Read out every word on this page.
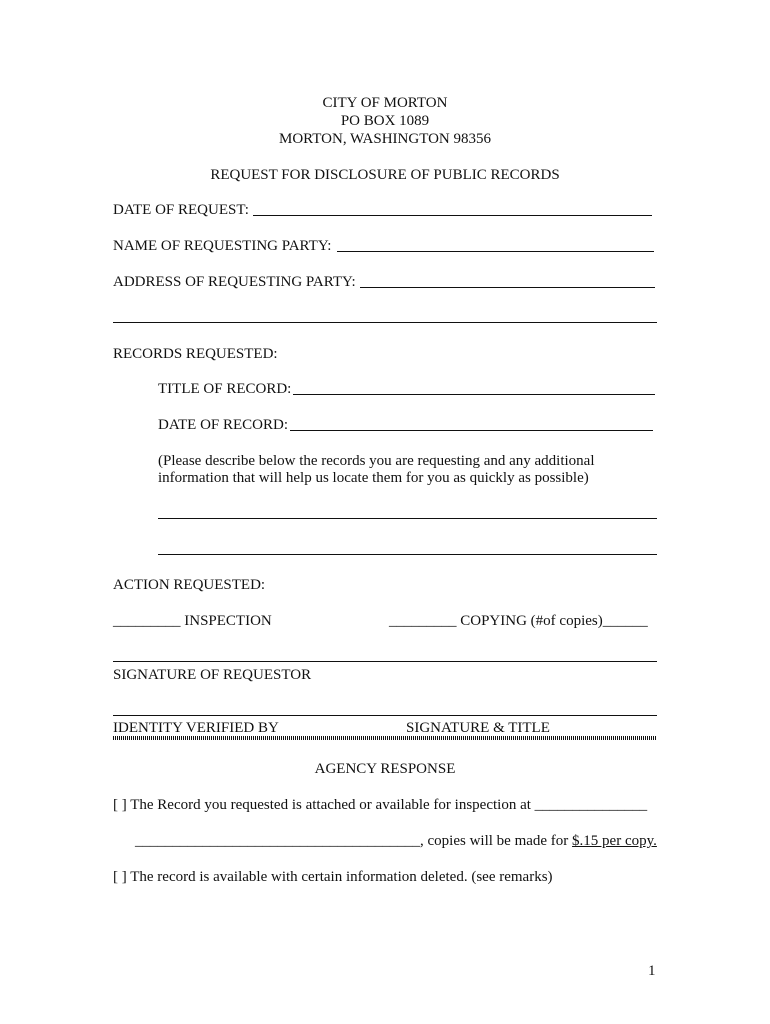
CITY OF MORTON
PO BOX 1089
MORTON, WASHINGTON 98356
REQUEST FOR DISCLOSURE OF PUBLIC RECORDS
DATE OF REQUEST:
NAME OF REQUESTING PARTY:
ADDRESS OF REQUESTING PARTY:
RECORDS REQUESTED:
TITLE OF RECORD:
DATE OF RECORD:
(Please describe below the records you are requesting and any additional
information that will help us locate them for you as quickly as possible)
ACTION REQUESTED:
_________ INSPECTION	_________ COPYING (#of copies)______
SIGNATURE OF REQUESTOR
IDENTITY VERIFIED BY	SIGNATURE & TITLE
AGENCY RESPONSE
[ ] The Record you requested is attached or available for inspection at _______________
______________________________________, copies will be made for $.15 per copy.
[ ] The record is available with certain information deleted. (see remarks)
1
